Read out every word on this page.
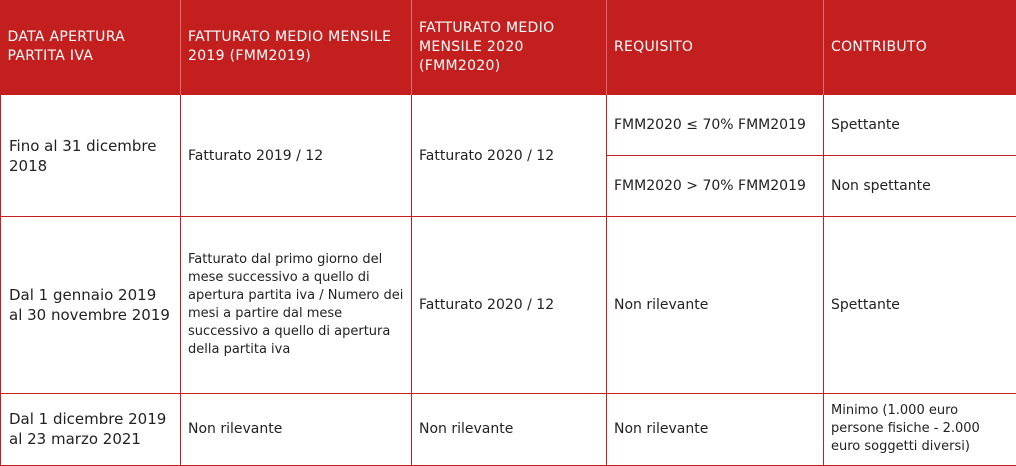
DATA APERTURA PARTITA IVA	FATTURATO MEDIO MENSILE 2019 (FMM2019)	FATTURATO MEDIO MENSILE 2020 (FMM2020)	REQUISITO	CONTRIBUTO
Fino al 31 dicembre 2018	Fatturato 2019 / 12	Fatturato 2020 / 12	FMM2020 ≤ 70% FMM2019	Spettante
			FMM2020 > 70% FMM2019	Non spettante
Dal 1 gennaio 2019 al 30 novembre 2019	Fatturato dal primo giorno del mese successivo a quello di apertura partita iva / Numero dei mesi a partire dal mese successivo a quello di apertura della partita iva	Fatturato 2020 / 12	Non rilevante	Spettante
Dal 1 dicembre 2019 al 23 marzo 2021	Non rilevante	Non rilevante	Non rilevante	Minimo (1.000 euro persone fisiche - 2.000 euro soggetti diversi)
